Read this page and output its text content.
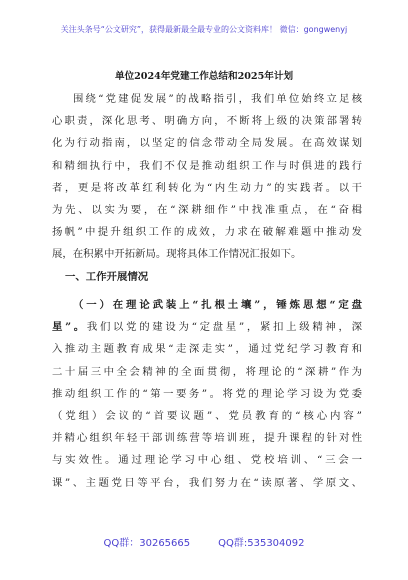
关注头条号“公文研究”，获得最新最全最专业的公文资料库！ 微信：gongwenyj
单位2024年党建工作总结和2025年计划
围绕“党建促发展”的战略指引，我们单位始终立足核
心职责，深化思考、明确方向，不断将上级的决策部署转
化为行动指南，以坚定的信念带动全局发展。在高效谋划
和精细执行中，我们不仅是推动组织工作与时俱进的践行
者，更是将改革红利转化为“内生动力”的实践者。以干
为先、以实为要，在“深耕细作”中找准重点，在“奋楫
扬帆”中提升组织工作的成效，力求在破解难题中推动发
展，在积累中开拓新局。现将具体工作情况汇报如下。
一、工作开展情况
（一）在理论武装上“扎根土壤”，锤炼思想“定盘
星”。我们以党的建设为“定盘星”，紧扣上级精神，深
入推动主题教育成果“走深走实”，通过党纪学习教育和
二十届三中全会精神的全面贯彻，将理论的“深耕”作为
推动组织工作的“第一要务”。将党的理论学习设为党委
（党组）会议的“首要议题”、党员教育的“核心内容”
并精心组织年轻干部训练营等培训班，提升课程的针对性
与实效性。通过理论学习中心组、党校培训、“三会一
课”、主题党日等平台，我们努力在“读原著、学原文、
QQ群：30265665	QQ群:535304092
